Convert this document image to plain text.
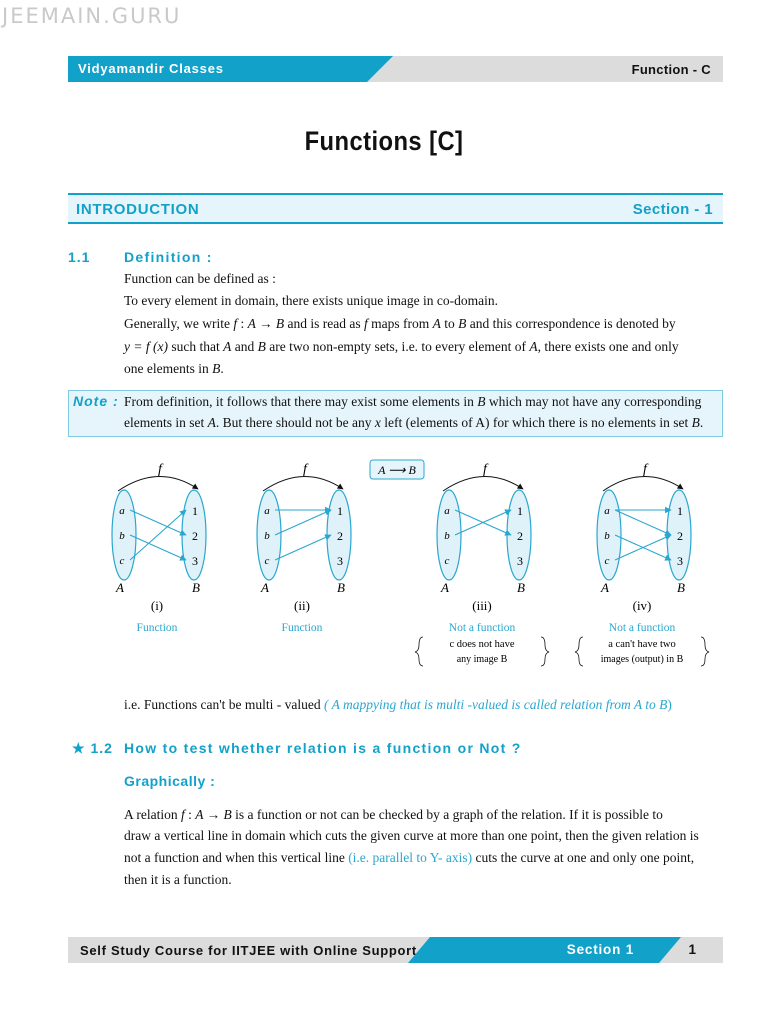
JEEMAIN.GURU
Vidyamandir Classes	Function - C
Functions [C]
INTRODUCTION	Section - 1
1.1 Definition :
Function can be defined as :
To every element in domain, there exists unique image in co-domain.
Generally, we write f : A → B and is read as f maps from A to B and this correspondence is denoted by
y = f (x) such that A and B are two non-empty sets, i.e. to every element of A, there exists one and only
one elements in B.
Note : From definition, it follows that there may exist some elements in B which may not have any corresponding
elements in set A. But there should not be any x left (elements of A) for which there is no elements in set B.
A ⟶ B
f
a
b
c
1
2
3
A	B
(i)
Function
f
a
b
c
1
2
3
A	B
(ii)
Function
f
a
b
c
1
2
3
A	B
(iii)
Not a function
c does not have
any image B
f
a
b
c
1
2
3
A	B
(iv)
Not a function
a can't have two
images (output) in B
i.e. Functions can't be multi - valued ( A mappying that is multi -valued is called relation from A to B)
★ 1.2 How to test whether relation is a function or Not ?
Graphically :
A relation f : A → B is a function or not can be checked by a graph of the relation. If it is possible to
draw a vertical line in domain which cuts the given curve at more than one point, then the given relation is
not a function and when this vertical line (i.e. parallel to Y- axis) cuts the curve at one and only one point,
then it is a function.
Self Study Course for IITJEE with Online Support	Section 1	1
